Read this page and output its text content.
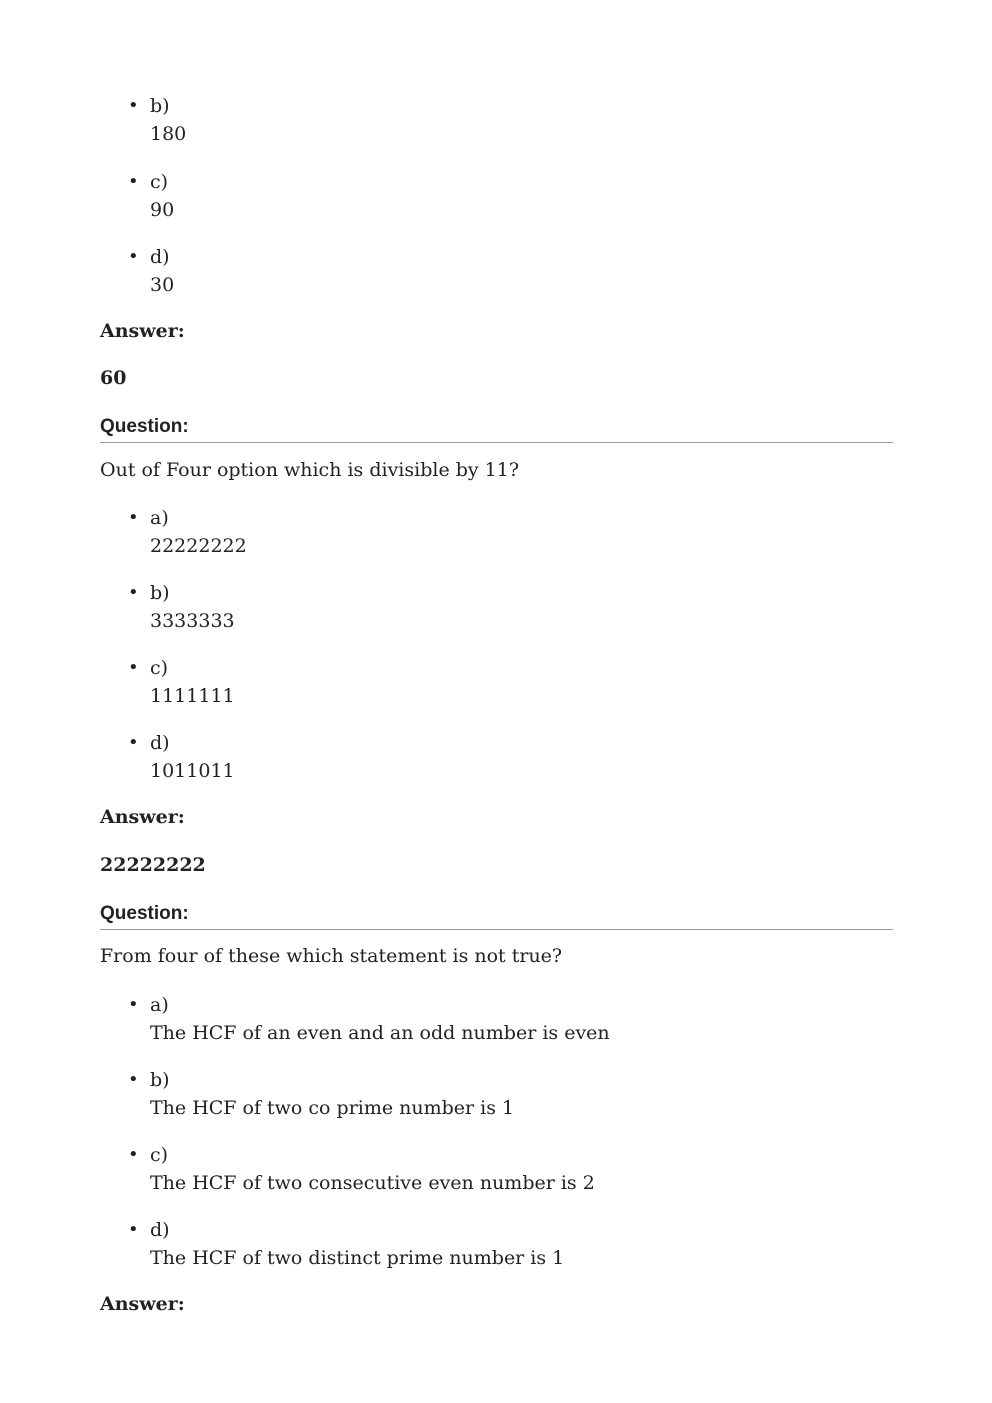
• b)
180
• c)
90
• d)
30
Answer:
60
Question:
Out of Four option which is divisible by 11?
• a)
22222222
• b)
3333333
• c)
1111111
• d)
1011011
Answer:
22222222
Question:
From four of these which statement is not true?
• a)
The HCF of an even and an odd number is even
• b)
The HCF of two co prime number is 1
• c)
The HCF of two consecutive even number is 2
• d)
The HCF of two distinct prime number is 1
Answer:
